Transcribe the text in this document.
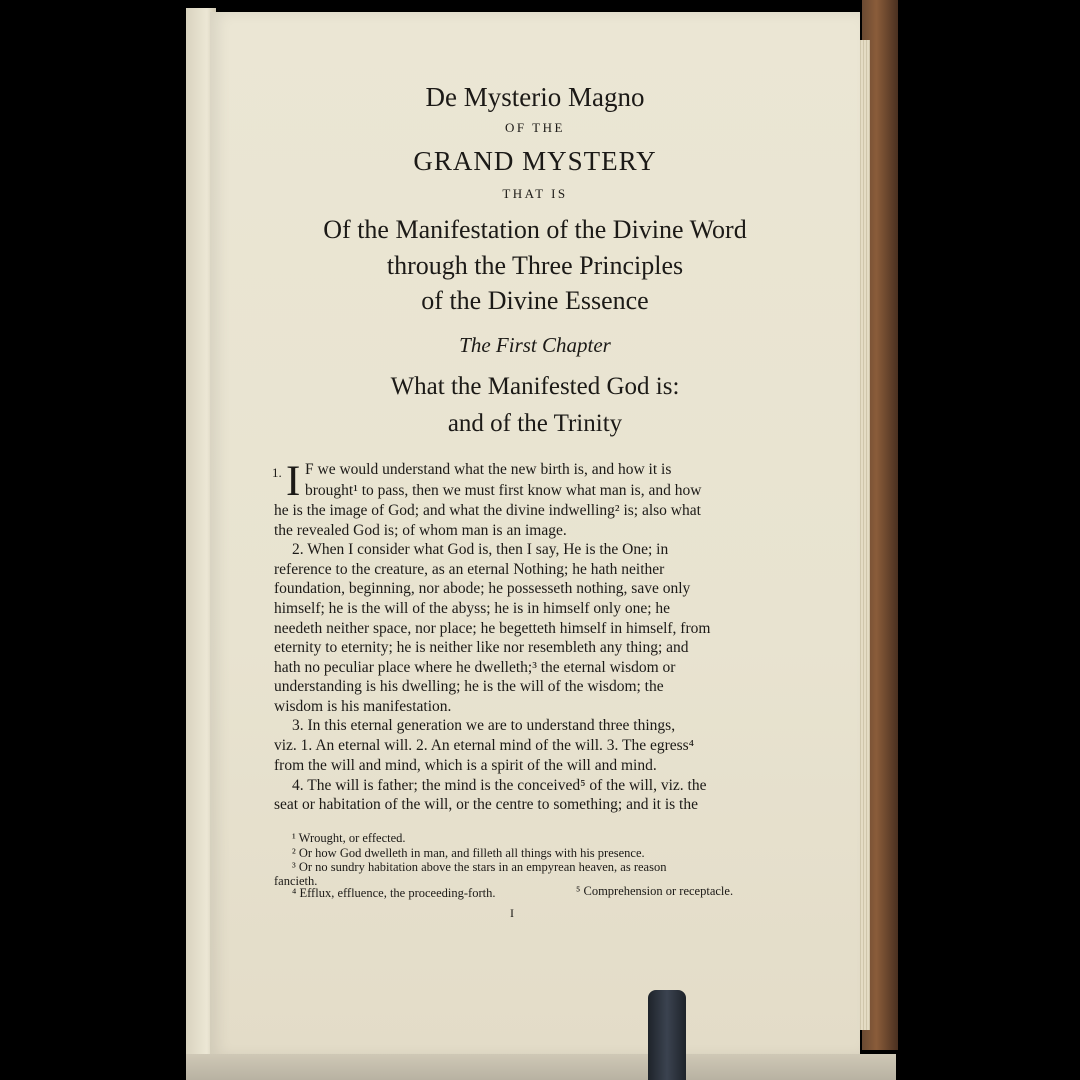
De Mysterio Magno
OF THE
GRAND MYSTERY
THAT IS
Of the Manifestation of the Divine Word
through the Three Principles
of the Divine Essence
The First Chapter
What the Manifested God is:
and of the Trinity
1. I F we would understand what the new birth is, and how it is
brought¹ to pass, then we must first know what man is, and how
he is the image of God; and what the divine indwelling² is; also what
the revealed God is; of whom man is an image.
2. When I consider what God is, then I say, He is the One; in
reference to the creature, as an eternal Nothing; he hath neither
foundation, beginning, nor abode; he possesseth nothing, save only
himself; he is the will of the abyss; he is in himself only one; he
needeth neither space, nor place; he begetteth himself in himself, from
eternity to eternity; he is neither like nor resembleth any thing; and
hath no peculiar place where he dwelleth;³ the eternal wisdom or
understanding is his dwelling; he is the will of the wisdom; the
wisdom is his manifestation.
3. In this eternal generation we are to understand three things,
viz. 1. An eternal will. 2. An eternal mind of the will. 3. The egress⁴
from the will and mind, which is a spirit of the will and mind.
4. The will is father; the mind is the conceived⁵ of the will, viz. the
seat or habitation of the will, or the centre to something; and it is the
¹ Wrought, or effected.
² Or how God dwelleth in man, and filleth all things with his presence.
³ Or no sundry habitation above the stars in an empyrean heaven, as reason
fancieth.
⁴ Efflux, effluence, the proceeding-forth.	⁵ Comprehension or receptacle.
I
